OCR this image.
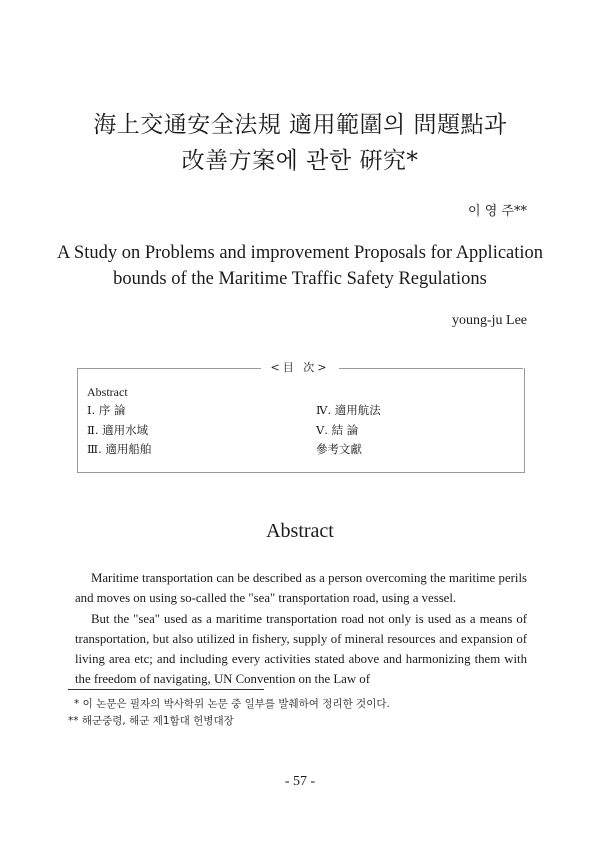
海上交通安全法規 適用範圍의 問題點과
改善方案에 관한 硏究*
이 영 주**
A Study on Problems and improvement Proposals for Application
bounds of the Maritime Traffic Safety Regulations
young-ju Lee
<目 次>
Abstract
Ⅰ. 序 論
Ⅱ. 適用水域
Ⅲ. 適用船舶
Ⅳ. 適用航法
Ⅴ. 結 論
參考文獻
Abstract

Maritime transportation can be described as a person overcoming the maritime perils and moves on using so-called the "sea" transportation road, using a vessel.

But the "sea" used as a maritime transportation road not only is used as a means of transportation, but also utilized in fishery, supply of mineral resources and expansion of living area etc; and including every activities stated above and harmonizing them with the freedom of navigating, UN Convention on the Law of

* 이 논문은 필자의 박사학위 논문 중 일부를 발췌하여 정리한 것이다.
** 해군중령, 해군 제1함대 헌병대장
- 57 -
